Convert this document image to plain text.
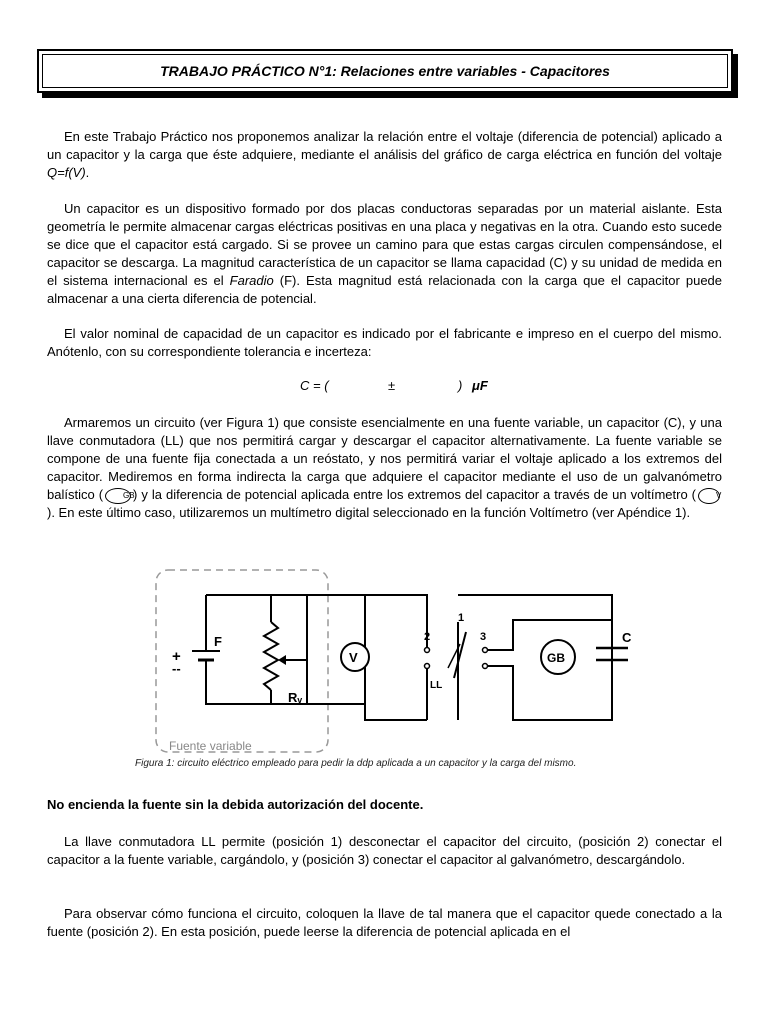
TRABAJO PRÁCTICO N°1: Relaciones entre variables - Capacitores

En este Trabajo Práctico nos proponemos analizar la relación entre el voltaje (diferencia de potencial) aplicado a un capacitor y la carga que éste adquiere, mediante el análisis del gráfico de carga eléctrica en función del voltaje Q=f(V).

Un capacitor es un dispositivo formado por dos placas conductoras separadas por un material aislante. Esta geometría le permite almacenar cargas eléctricas positivas en una placa y negativas en la otra. Cuando esto sucede se dice que el capacitor está cargado. Si se provee un camino para que estas cargas circulen compensándose, el capacitor se descarga. La magnitud característica de un capacitor se llama capacidad (C) y su unidad de medida en el sistema internacional es el Faradio (F). Esta magnitud está relacionada con la carga que el capacitor puede almacenar a una cierta diferencia de potencial.

El valor nominal de capacidad de un capacitor es indicado por el fabricante e impreso en el cuerpo del mismo. Anótenlo, con su correspondiente tolerancia e incerteza:

C = (	±	) μF

Armaremos un circuito (ver Figura 1) que consiste esencialmente en una fuente variable, un capacitor (C), y una llave conmutadora (LL) que nos permitirá cargar y descargar el capacitor alternativamente. La fuente variable se compone de una fuente fija conectada a un reóstato, y nos permitirá variar el voltaje aplicado a los extremos del capacitor. Mediremos en forma indirecta la carga que adquiere el capacitor mediante el uso de un galvanómetro balístico (	GB) y la diferencia de potencial aplicada entre los extremos del capacitor a través de un voltímetro (	V). En este último caso, utilizaremos un multímetro digital seleccionado en la función Voltímetro (ver Apéndice 1).

F
+
--
Rᵥ
V
2
1
3
LL
GB
C
Fuente variable
Figura 1: circuito eléctrico empleado para pedir la ddp aplicada a un capacitor y la carga del mismo.
No encienda la fuente sin la debida autorización del docente.

La llave conmutadora LL permite (posición 1) desconectar el capacitor del circuito, (posición 2) conectar el capacitor a la fuente variable, cargándolo, y (posición 3) conectar el capacitor al galvanómetro, descargándolo.

Para observar cómo funciona el circuito, coloquen la llave de tal manera que el capacitor quede conectado a la fuente (posición 2). En esta posición, puede leerse la diferencia de potencial aplicada en el
